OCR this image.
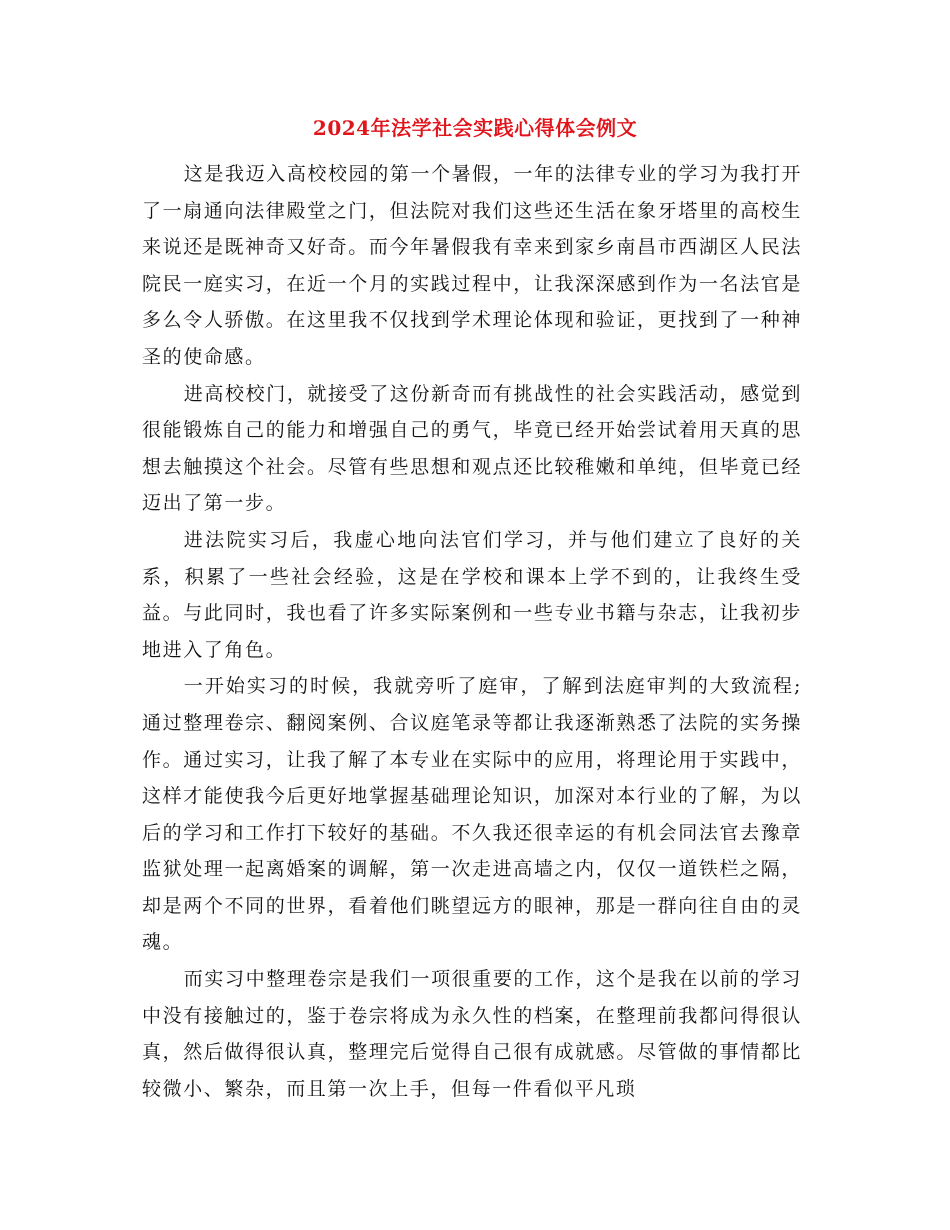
2024年法学社会实践心得体会例文

这是我迈入高校校园的第一个暑假，一年的法律专业的学习为我打开了一扇通向法律殿堂之门，但法院对我们这些还生活在象牙塔里的高校生来说还是既神奇又好奇。而今年暑假我有幸来到家乡南昌市西湖区人民法院民一庭实习，在近一个月的实践过程中，让我深深感到作为一名法官是多么令人骄傲。在这里我不仅找到学术理论体现和验证，更找到了一种神圣的使命感。

进高校校门，就接受了这份新奇而有挑战性的社会实践活动，感觉到很能锻炼自己的能力和增强自己的勇气，毕竟已经开始尝试着用天真的思想去触摸这个社会。尽管有些思想和观点还比较稚嫩和单纯，但毕竟已经迈出了第一步。

进法院实习后，我虚心地向法官们学习，并与他们建立了良好的关系，积累了一些社会经验，这是在学校和课本上学不到的，让我终生受益。与此同时，我也看了许多实际案例和一些专业书籍与杂志，让我初步地进入了角色。

一开始实习的时候，我就旁听了庭审，了解到法庭审判的大致流程;通过整理卷宗、翻阅案例、合议庭笔录等都让我逐渐熟悉了法院的实务操作。通过实习，让我了解了本专业在实际中的应用，将理论用于实践中，这样才能使我今后更好地掌握基础理论知识，加深对本行业的了解，为以后的学习和工作打下较好的基础。不久我还很幸运的有机会同法官去豫章监狱处理一起离婚案的调解，第一次走进高墙之内，仅仅一道铁栏之隔，却是两个不同的世界，看着他们眺望远方的眼神，那是一群向往自由的灵魂。

而实习中整理卷宗是我们一项很重要的工作，这个是我在以前的学习中没有接触过的，鉴于卷宗将成为永久性的档案，在整理前我都问得很认真，然后做得很认真，整理完后觉得自己很有成就感。尽管做的事情都比较微小、繁杂，而且第一次上手，但每一件看似平凡琐
